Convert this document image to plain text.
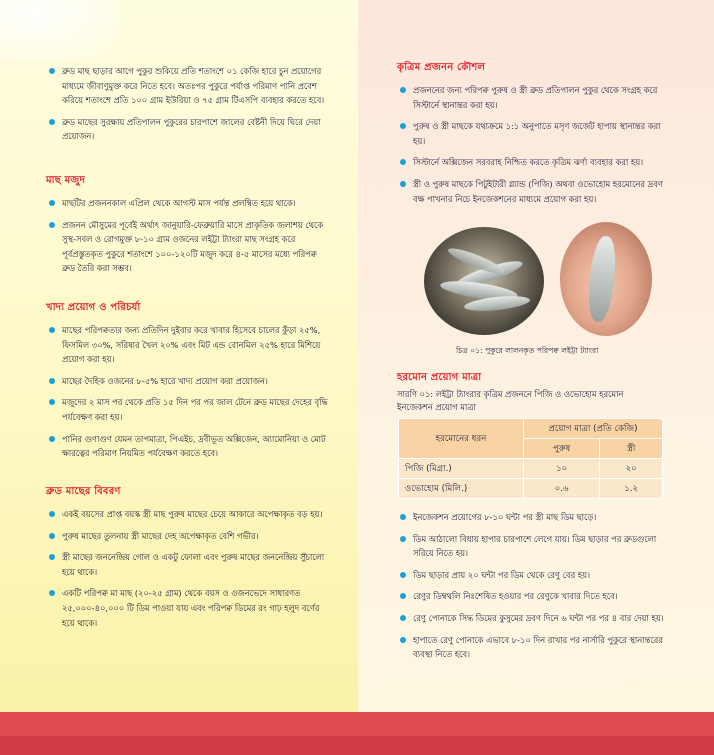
ব্রুড মাছ ছাড়ার আগে পুকুর শুকিয়ে প্রতি শতাংশে ০১ কেজি হারে চুন প্রয়োগের মাধ্যমে জীবাণুমুক্ত করে নিতে হবে। অতঃপর পুকুরে পর্যাপ্ত পরিমাণ পানি প্রবেশ করিয়ে শতাংশে প্রতি ১০০ গ্রাম ইউরিয়া ও ৭৫ গ্রাম টিএসপি ব্যবহার করতে হবে।
ব্রুড মাছের সুরক্ষায় প্রতিপালন পুকুরের চারপাশে জালের বেষ্টনী দিয়ে ঘিরে দেয়া প্রয়োজন।
মাছ মজুদ
মাছটির প্রজননকাল এপ্রিল থেকে আগস্ট মাস পর্যন্ত প্রলম্বিত হয়ে থাকে।
প্রজনন মৌসুমের পূর্বেই অর্থাৎ জানুয়ারি-ফেব্রুয়ারি মাসে প্রাকৃতিক জলাশয় থেকে সুস্থ-সবল ও রোগমুক্ত ৮-১০ গ্রাম ওজনের লইট্টা ট্যাংরা মাছ সংগ্রহ করে পূর্বপ্রস্তুতকৃত পুকুরে শতাংশে ১০০-১২০টি মজুদ করে ৪-৫ মাসের মধ্যে পরিপক্ব ব্রুড তৈরি করা সম্ভব।
খাদ্য প্রয়োগ ও পরিচর্যা
মাছের পরিপক্বতার জন্য প্রতিদিন দুইবার করে খাবার হিসেবে চালের কুঁড়া ২৫%, ফিসমিল ৩০%, সরিষার খৈল ২০% এবং মিট এন্ড বোনমিল ২৫% হারে মিশিয়ে প্রয়োগ করা হয়।
মাছের দৈহিক ওজনের ৮-৫% হারে খাদ্য প্রয়োগ করা প্রয়োজন।
মজুদের ২ মাস পর থেকে প্রতি ১৫ দিন পর পর জাল টেনে ব্রুড মাছের দেহের বৃদ্ধি পর্যবেক্ষণ করা হয়।
পানির গুণাগুণ যেমন তাপমাত্রা, পিএইচ, দ্রবীভূত অক্সিজেন, অ্যামোনিয়া ও মোট ক্ষারত্বের পরিমাণ নিয়মিত পর্যবেক্ষণ করতে হবে।
ব্রুড মাছের বিবরণ
একই বয়সের প্রাপ্ত বয়স্ক স্ত্রী মাছ পুরুষ মাছের চেয়ে আকারে অপেক্ষাকৃত বড় হয়।
পুরুষ মাছের তুলনায় স্ত্রী মাছের দেহ অপেক্ষাকৃত বেশি গভীর।
স্ত্রী মাছের জননেন্দ্রিয় গোল ও একটু ফোলা এবং পুরুষ মাছের জননেন্দ্রিয় সুঁচালো হয়ে থাকে।
একটি পরিপক্ব মা মাছ (২০-২৫ গ্রাম) থেকে বয়স ও ওজনভেদে সাধারণত ২৫,০০০-৪০,০০০ টি ডিম পাওয়া যায় এবং পরিপক্ব ডিমের রং গাঢ় হলুদ বর্ণের হয়ে থাকে।
কৃত্রিম প্রজনন কৌশল
প্রজননের জন্য পরিপক্ব পুরুষ ও স্ত্রী ব্রুড প্রতিপালন পুকুর থেকে সংগ্রহ করে সিস্টার্নে স্থানান্তর করা হয়।
পুরুষ ও স্ত্রী মাছকে যথাক্রমে ১:১ অনুপাতে মসৃণ জর্জেট হাপায় স্থানান্তর করা হয়।
সিস্টার্নে অক্সিজেন সরবরাহ নিশ্চিত করতে কৃত্রিম ঝর্ণা ব্যবহার করা হয়।
স্ত্রী ও পুরুষ মাছকে পিটুইটারী গ্ল্যান্ড (পিজি) অথবা ওভোহোম হরমোনের দ্রবণ বক্ষ পাখনার নিচে ইনজেকশনের মাধ্যমে প্রয়োগ করা হয়।
চিত্র ০১: পুকুরে লালনকৃত পরিপক্ব লইট্টা ট্যাংরা
হরমোন প্রয়োগ মাত্রা
সারণি ০১: লইট্টা ট্যাংরার কৃত্রিম প্রজননে পিজি ও ওভোহোম হরমোন
ইনজেকশন প্রয়োগ মাত্রা
হরমোনের ধরন	প্রয়োগ মাত্রা (প্রতি কেজি)	
	পুরুষ	স্ত্রী
পিজি (মিগ্রা.)	১০	২০
ওভোহোম (মিলি.)	০.৬	১.২
ইনজেকশন প্রয়োগের ৮-১০ ঘন্টা পর স্ত্রী মাছ ডিম ছাড়ে।
ডিম আঠালো বিধায় হাপার চারপাশে লেগে যায়। ডিম ছাড়ার পর ব্রুডগুলো সরিয়ে নিতে হয়।
ডিম ছাড়ার প্রায় ২০ ঘন্টা পর ডিম থেকে রেণু বের হয়।
রেণুর ডিম্বথলি নিঃশেষিত হওয়ার পর রেণুকে খাবার দিতে হবে।
রেণু পোনাকে সিদ্ধ ডিমের কুসুমের দ্রবণ দিনে ৬ ঘন্টা পর পর ৪ বার দেয়া হয়।
হাপাতে রেণু পোনাকে এভাবে ৮-১০ দিন রাখার পর নার্সারি পুকুরে স্থানান্তরের ব্যবস্থা নিতে হবে।
